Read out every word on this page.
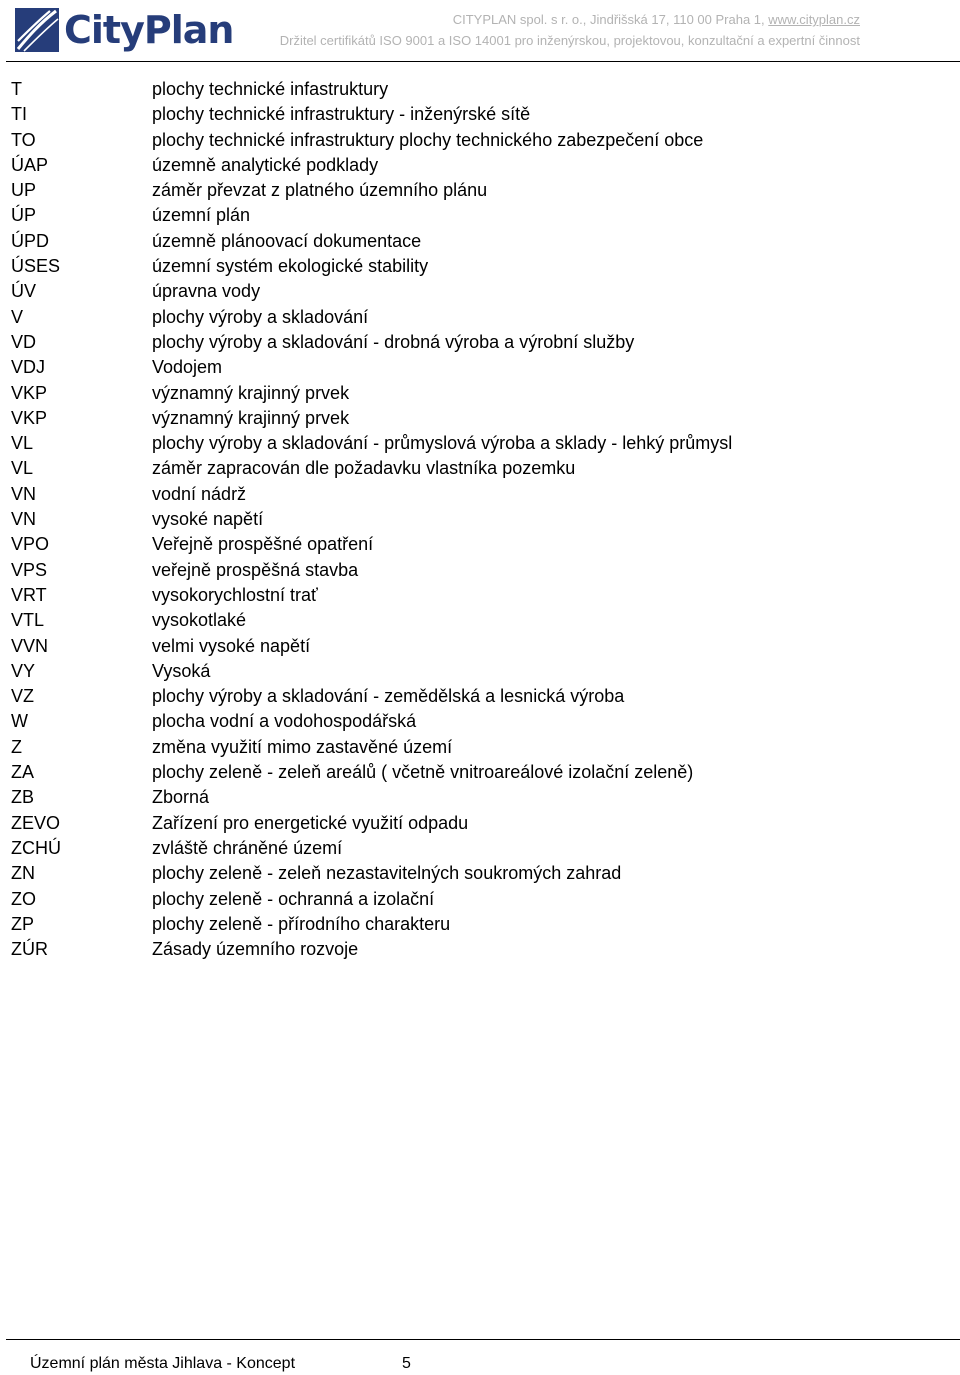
CityPlan	CITYPLAN spol. s r. o., Jindřišská 17, 110 00 Praha 1, www.cityplan.cz
Držitel certifikátů ISO 9001 a ISO 14001 pro inženýrskou, projektovou, konzultační a expertní činnost
T	plochy technické infastruktury
TI	plochy technické infrastruktury - inženýrské sítě
TO	plochy technické infrastruktury plochy technického zabezpečení obce
ÚAP	územně analytické podklady
UP	záměr převzat z platného územního plánu
ÚP	územní plán
ÚPD	územně plánoovací dokumentace
ÚSES	územní systém ekologické stability
ÚV	úpravna vody
V	plochy výroby a skladování
VD	plochy výroby a skladování - drobná výroba a výrobní služby
VDJ	Vodojem
VKP	významný krajinný prvek
VKP	významný krajinný prvek
VL	plochy výroby a skladování - průmyslová výroba a sklady - lehký průmysl
VL	záměr zapracován dle požadavku vlastníka pozemku
VN	vodní nádrž
VN	vysoké napětí
VPO	Veřejně prospěšné opatření
VPS	veřejně prospěšná stavba
VRT	vysokorychlostní trať
VTL	vysokotlaké
VVN	velmi vysoké napětí
VY	Vysoká
VZ	plochy výroby a skladování - zemědělská a lesnická výroba
W	plocha vodní a vodohospodářská
Z	změna využití mimo zastavěné území
ZA	plochy zeleně - zeleň areálů ( včetně vnitroareálové izolační zeleně)
ZB	Zborná
ZEVO	Zařízení pro energetické využití odpadu
ZCHÚ	zvláště chráněné území
ZN	plochy zeleně - zeleň nezastavitelných soukromých zahrad
ZO	plochy zeleně - ochranná a izolační
ZP	plochy zeleně - přírodního charakteru
ZÚR	Zásady územního rozvoje
Územní plán města Jihlava - Koncept	5
